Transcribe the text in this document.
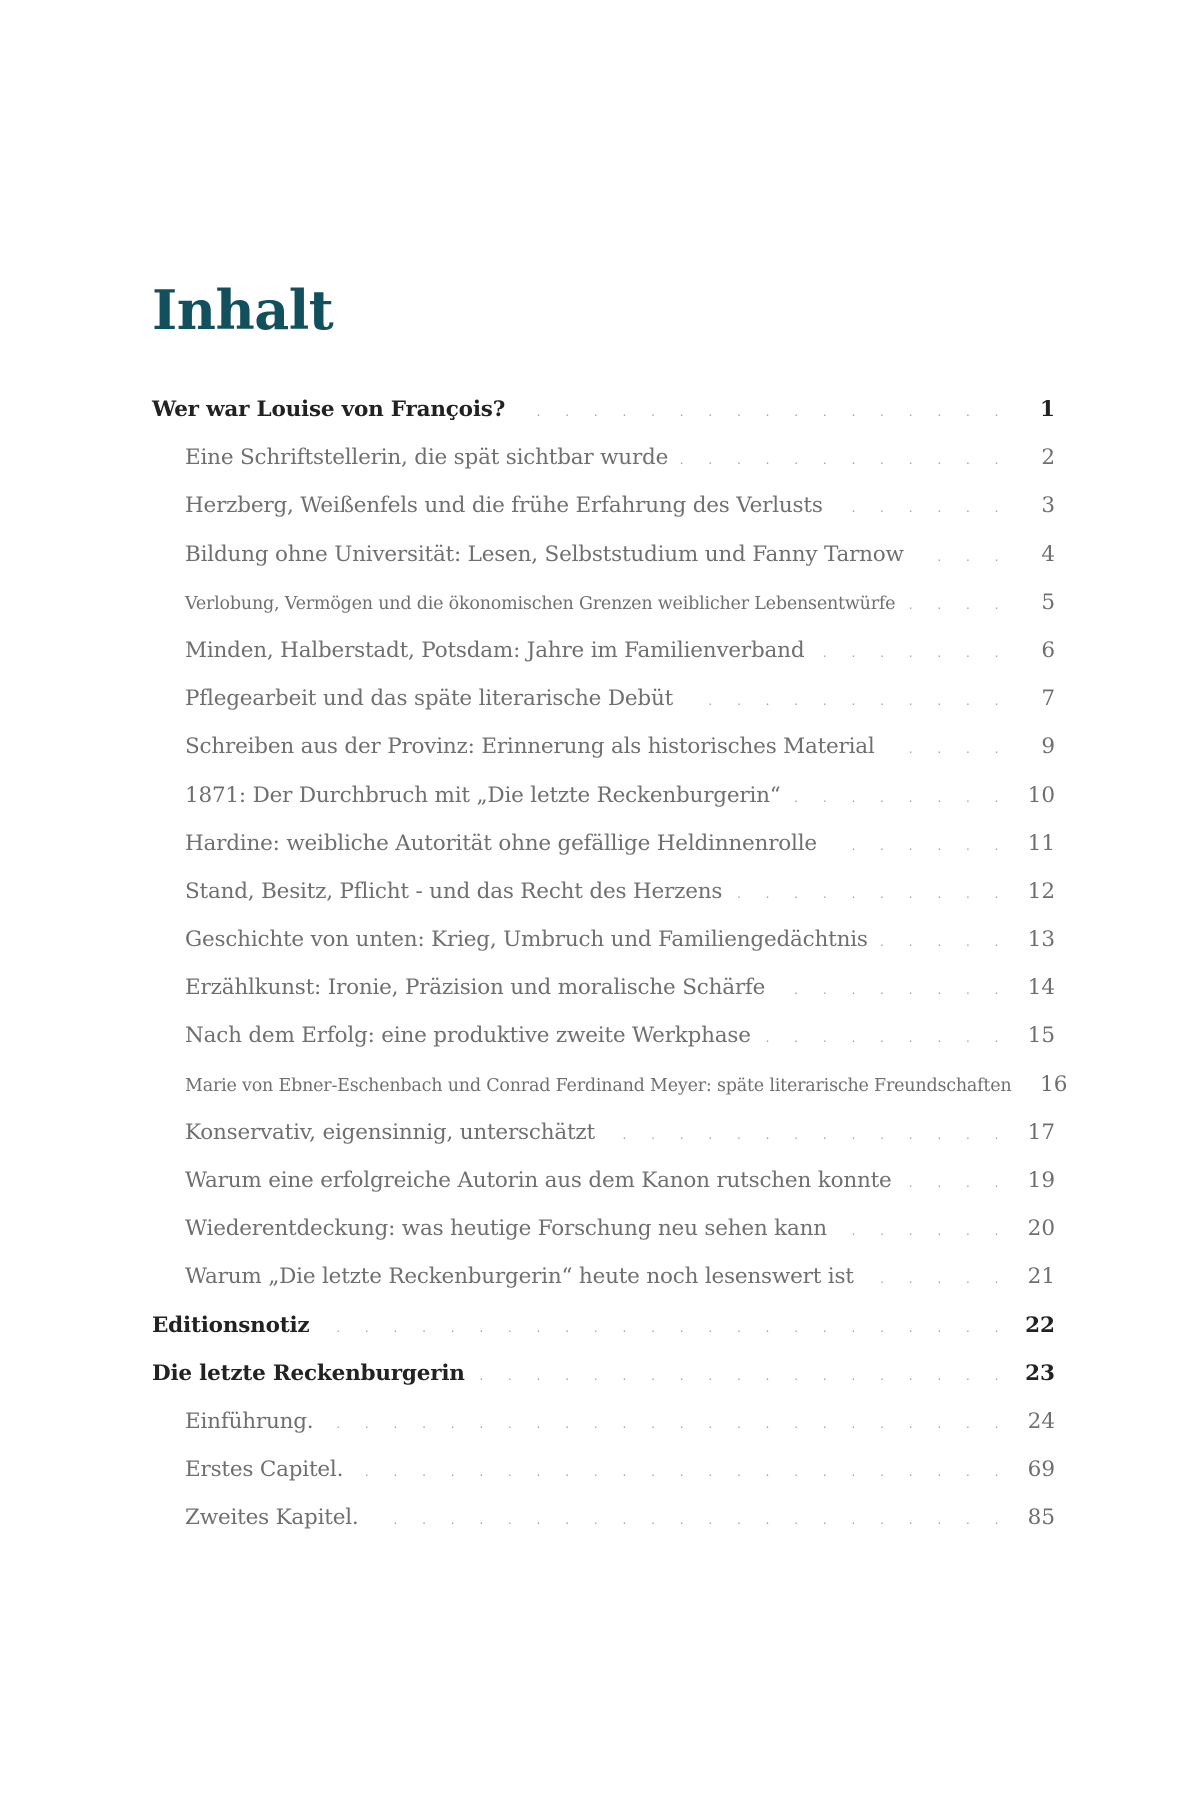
Inhalt
Wer war Louise von François? . . .	1
Eine Schriftstellerin, die spät sichtbar wurde . . .	2
Herzberg, Weißenfels und die frühe Erfahrung des Verlusts . . .	3
Bildung ohne Universität: Lesen, Selbststudium und Fanny Tarnow . . .	4
Verlobung, Vermögen und die ökonomischen Grenzen weiblicher Lebensentwürfe . . .	5
Minden, Halberstadt, Potsdam: Jahre im Familienverband . . .	6
Pflegearbeit und das späte literarische Debüt . . .	7
Schreiben aus der Provinz: Erinnerung als historisches Material . . .	9
1871: Der Durchbruch mit „Die letzte Reckenburgerin“ . . .	10
Hardine: weibliche Autorität ohne gefällige Heldinnenrolle . . .	11
Stand, Besitz, Pflicht - und das Recht des Herzens . . .	12
Geschichte von unten: Krieg, Umbruch und Familiengedächtnis . . .	13
Erzählkunst: Ironie, Präzision und moralische Schärfe . . .	14
Nach dem Erfolg: eine produktive zweite Werkphase . . .	15
Marie von Ebner-Eschenbach und Conrad Ferdinand Meyer: späte literarische Freundschaften	16
Konservativ, eigensinnig, unterschätzt . . .	17
Warum eine erfolgreiche Autorin aus dem Kanon rutschen konnte . . .	19
Wiederentdeckung: was heutige Forschung neu sehen kann . . .	20
Warum „Die letzte Reckenburgerin“ heute noch lesenswert ist . . .	21
Editionsnotiz . . .	22
Die letzte Reckenburgerin . . .	23
Einführung. . . .	24
Erstes Capitel. . . .	69
Zweites Kapitel. . . .	85
